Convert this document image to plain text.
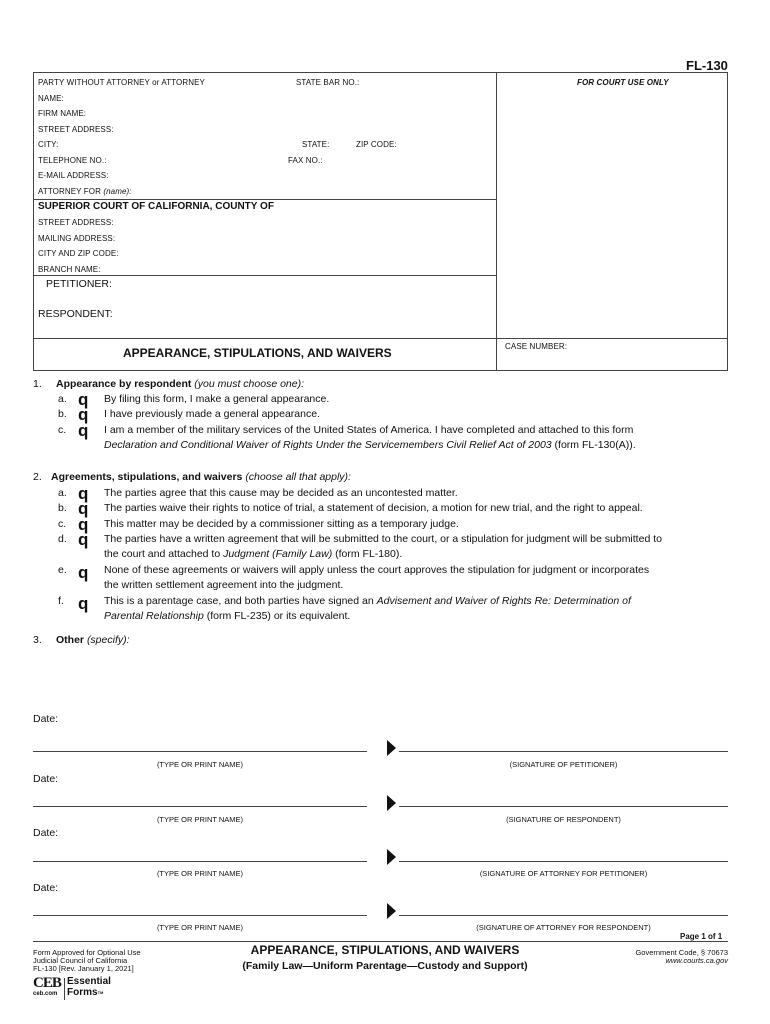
FL-130
PARTY WITHOUT ATTORNEY or ATTORNEY	STATE BAR NO.:	FOR COURT USE ONLY
NAME:
FIRM NAME:
STREET ADDRESS:
CITY:	STATE:	ZIP CODE:
TELEPHONE NO.:	FAX NO.:
E-MAIL ADDRESS:
ATTORNEY FOR (name):
SUPERIOR COURT OF CALIFORNIA, COUNTY OF
STREET ADDRESS:
MAILING ADDRESS:
CITY AND ZIP CODE:
BRANCH NAME:
PETITIONER:
RESPONDENT:
APPEARANCE, STIPULATIONS, AND WAIVERS	CASE NUMBER:
1. Appearance by respondent (you must choose one):
a. q By filing this form, I make a general appearance.
b. q I have previously made a general appearance.
c. q I am a member of the military services of the United States of America. I have completed and attached to this form
Declaration and Conditional Waiver of Rights Under the Servicemembers Civil Relief Act of 2003 (form FL-130(A)).
2. Agreements, stipulations, and waivers (choose all that apply):
a. q The parties agree that this cause may be decided as an uncontested matter.
b. q The parties waive their rights to notice of trial, a statement of decision, a motion for new trial, and the right to appeal.
c. q This matter may be decided by a commissioner sitting as a temporary judge.
d. q The parties have a written agreement that will be submitted to the court, or a stipulation for judgment will be submitted to
the court and attached to Judgment (Family Law) (form FL-180).
e. q None of these agreements or waivers will apply unless the court approves the stipulation for judgment or incorporates
the written settlement agreement into the judgment.
f. q This is a parentage case, and both parties have signed an Advisement and Waiver of Rights Re: Determination of
Parental Relationship (form FL-235) or its equivalent.
3. Other (specify):
Date:
(TYPE OR PRINT NAME)	(SIGNATURE OF PETITIONER)
Date:
(TYPE OR PRINT NAME)	(SIGNATURE OF RESPONDENT)
Date:
(TYPE OR PRINT NAME)	(SIGNATURE OF ATTORNEY FOR PETITIONER)
Date:
(TYPE OR PRINT NAME)	(SIGNATURE OF ATTORNEY FOR RESPONDENT)
Page 1 of 1
Form Approved for Optional Use
Judicial Council of California
FL-130 [Rev. January 1, 2021]
APPEARANCE, STIPULATIONS, AND WAIVERS
(Family Law—Uniform Parentage—Custody and Support)
Government Code, § 70673
www.courts.ca.gov
CEB
ceb.com
Essential
Forms™
